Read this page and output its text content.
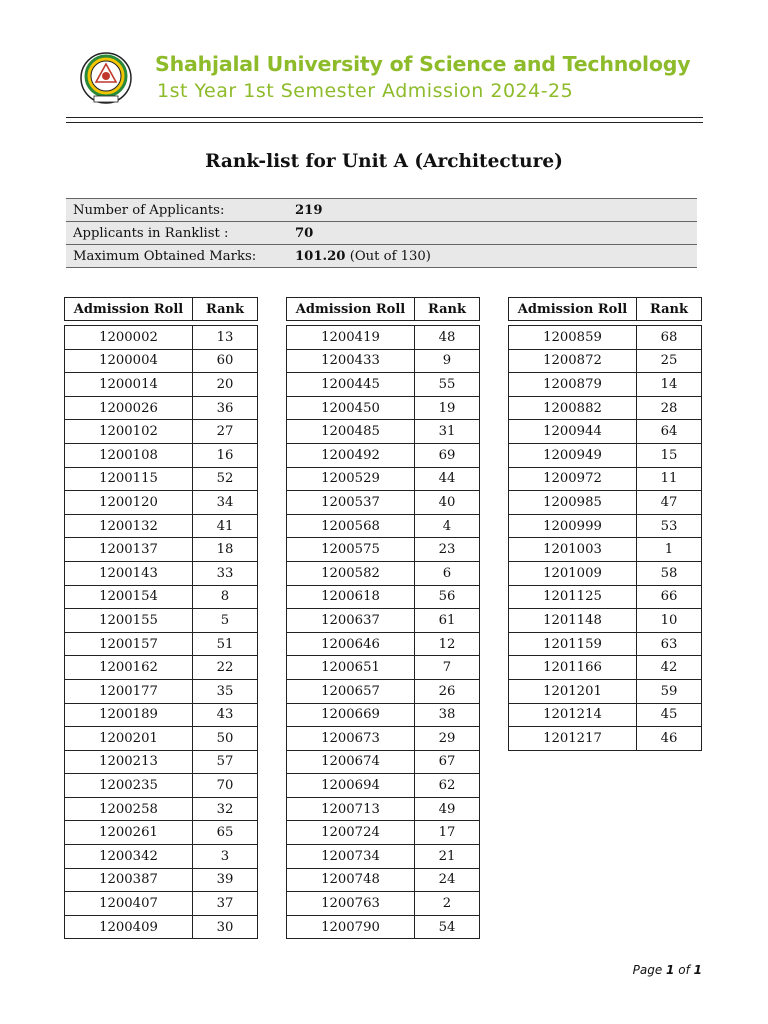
Shahjalal University of Science and Technology
1st Year 1st Semester Admission 2024-25
Rank-list for Unit A (Architecture)
Number of Applicants:	219
Applicants in Ranklist :	70
Maximum Obtained Marks:	101.20 (Out of 130)
Admission Roll	Rank

1200002	13
1200004	60
1200014	20
1200026	36
1200102	27
1200108	16
1200115	52
1200120	34
1200132	41
1200137	18
1200143	33
1200154	8
1200155	5
1200157	51
1200162	22
1200177	35
1200189	43
1200201	50
1200213	57
1200235	70
1200258	32
1200261	65
1200342	3
1200387	39
1200407	37
1200409	30
Admission Roll	Rank

1200419	48
1200433	9
1200445	55
1200450	19
1200485	31
1200492	69
1200529	44
1200537	40
1200568	4
1200575	23
1200582	6
1200618	56
1200637	61
1200646	12
1200651	7
1200657	26
1200669	38
1200673	29
1200674	67
1200694	62
1200713	49
1200724	17
1200734	21
1200748	24
1200763	2
1200790	54
Admission Roll	Rank

1200859	68
1200872	25
1200879	14
1200882	28
1200944	64
1200949	15
1200972	11
1200985	47
1200999	53
1201003	1
1201009	58
1201125	66
1201148	10
1201159	63
1201166	42
1201201	59
1201214	45
1201217	46
Page 1 of 1
